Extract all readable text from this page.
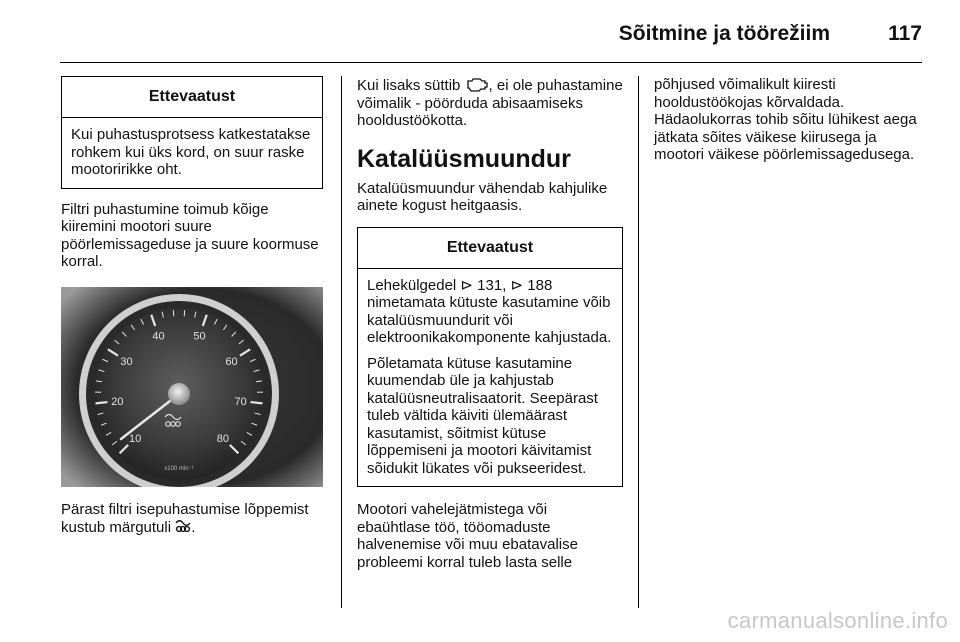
Sõitmine ja töörežiim	117
Ettevaatust

Kui puhastusprotsess katkestatakse rohkem kui üks kord, on suur raske mootoririkke oht.

Filtri puhastumine toimub kõige kiiremini mootori suure pöörlemissageduse ja suure koormuse korral.

10
20
30
40	50
60
70
80
x100 min⁻¹

Pärast filtri isepuhastumise lõppemist kustub märgutuli .

Kui lisaks süttib , ei ole puhastamine võimalik - pöörduda abisaamiseks hooldustöökotta.

Katalüüsmuundur

Katalüüsmuundur vähendab kahjulike ainete kogust heitgaasis.

Ettevaatust

Lehekülgedel ⊳ 131, ⊳ 188 nimetamata kütuste kasutamine võib katalüüsmuundurit või elektroonikakomponente kahjustada.

Põletamata kütuse kasutamine kuumendab üle ja kahjustab katalüüsneutralisaatorit. Seepärast tuleb vältida käiviti ülemäärast kasutamist, sõitmist kütuse lõppemiseni ja mootori käivitamist sõidukit lükates või pukseeridest.

Mootori vahelejätmistega või ebaühtlase töö, tööomaduste halvenemise või muu ebatavalise probleemi korral tuleb lasta selle

põhjused võimalikult kiiresti hooldustöökojas kõrvaldada. Hädaolukorras tohib sõitu lühikest aega jätkata sõites väikese kiirusega ja mootori väikese pöörlemissagedusega.

carmanualsonline.info
